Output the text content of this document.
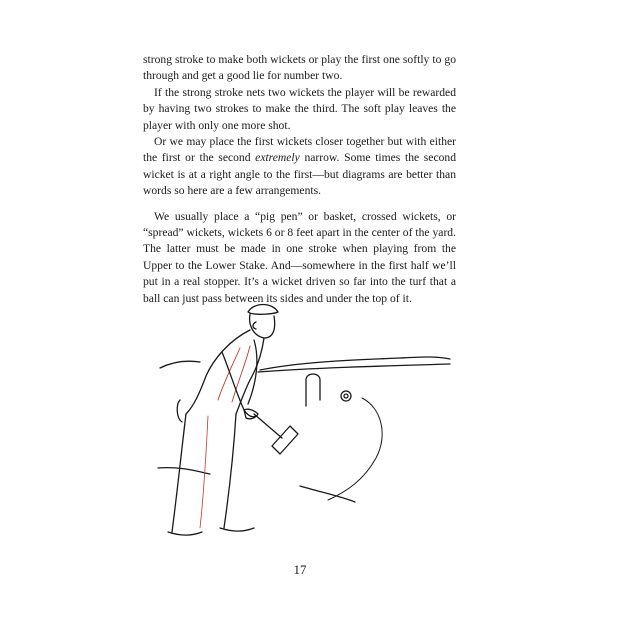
strong stroke to make both wickets or play the first one softly to go through and get a good lie for number two.

If the strong stroke nets two wickets the player will be rewarded by having two strokes to make the third. The soft play leaves the player with only one more shot.

Or we may place the first wickets closer together but with either the first or the second extremely narrow. Some times the second wicket is at a right angle to the first—but diagrams are better than words so here are a few arrangements.

We usually place a “pig pen” or basket, crossed wickets, or “spread” wickets, wickets 6 or 8 feet apart in the center of the yard. The latter must be made in one stroke when playing from the Upper to the Lower Stake. And—somewhere in the first half we’ll put in a real stopper. It’s a wicket driven so far into the turf that a ball can just pass between its sides and under the top of it.

17
